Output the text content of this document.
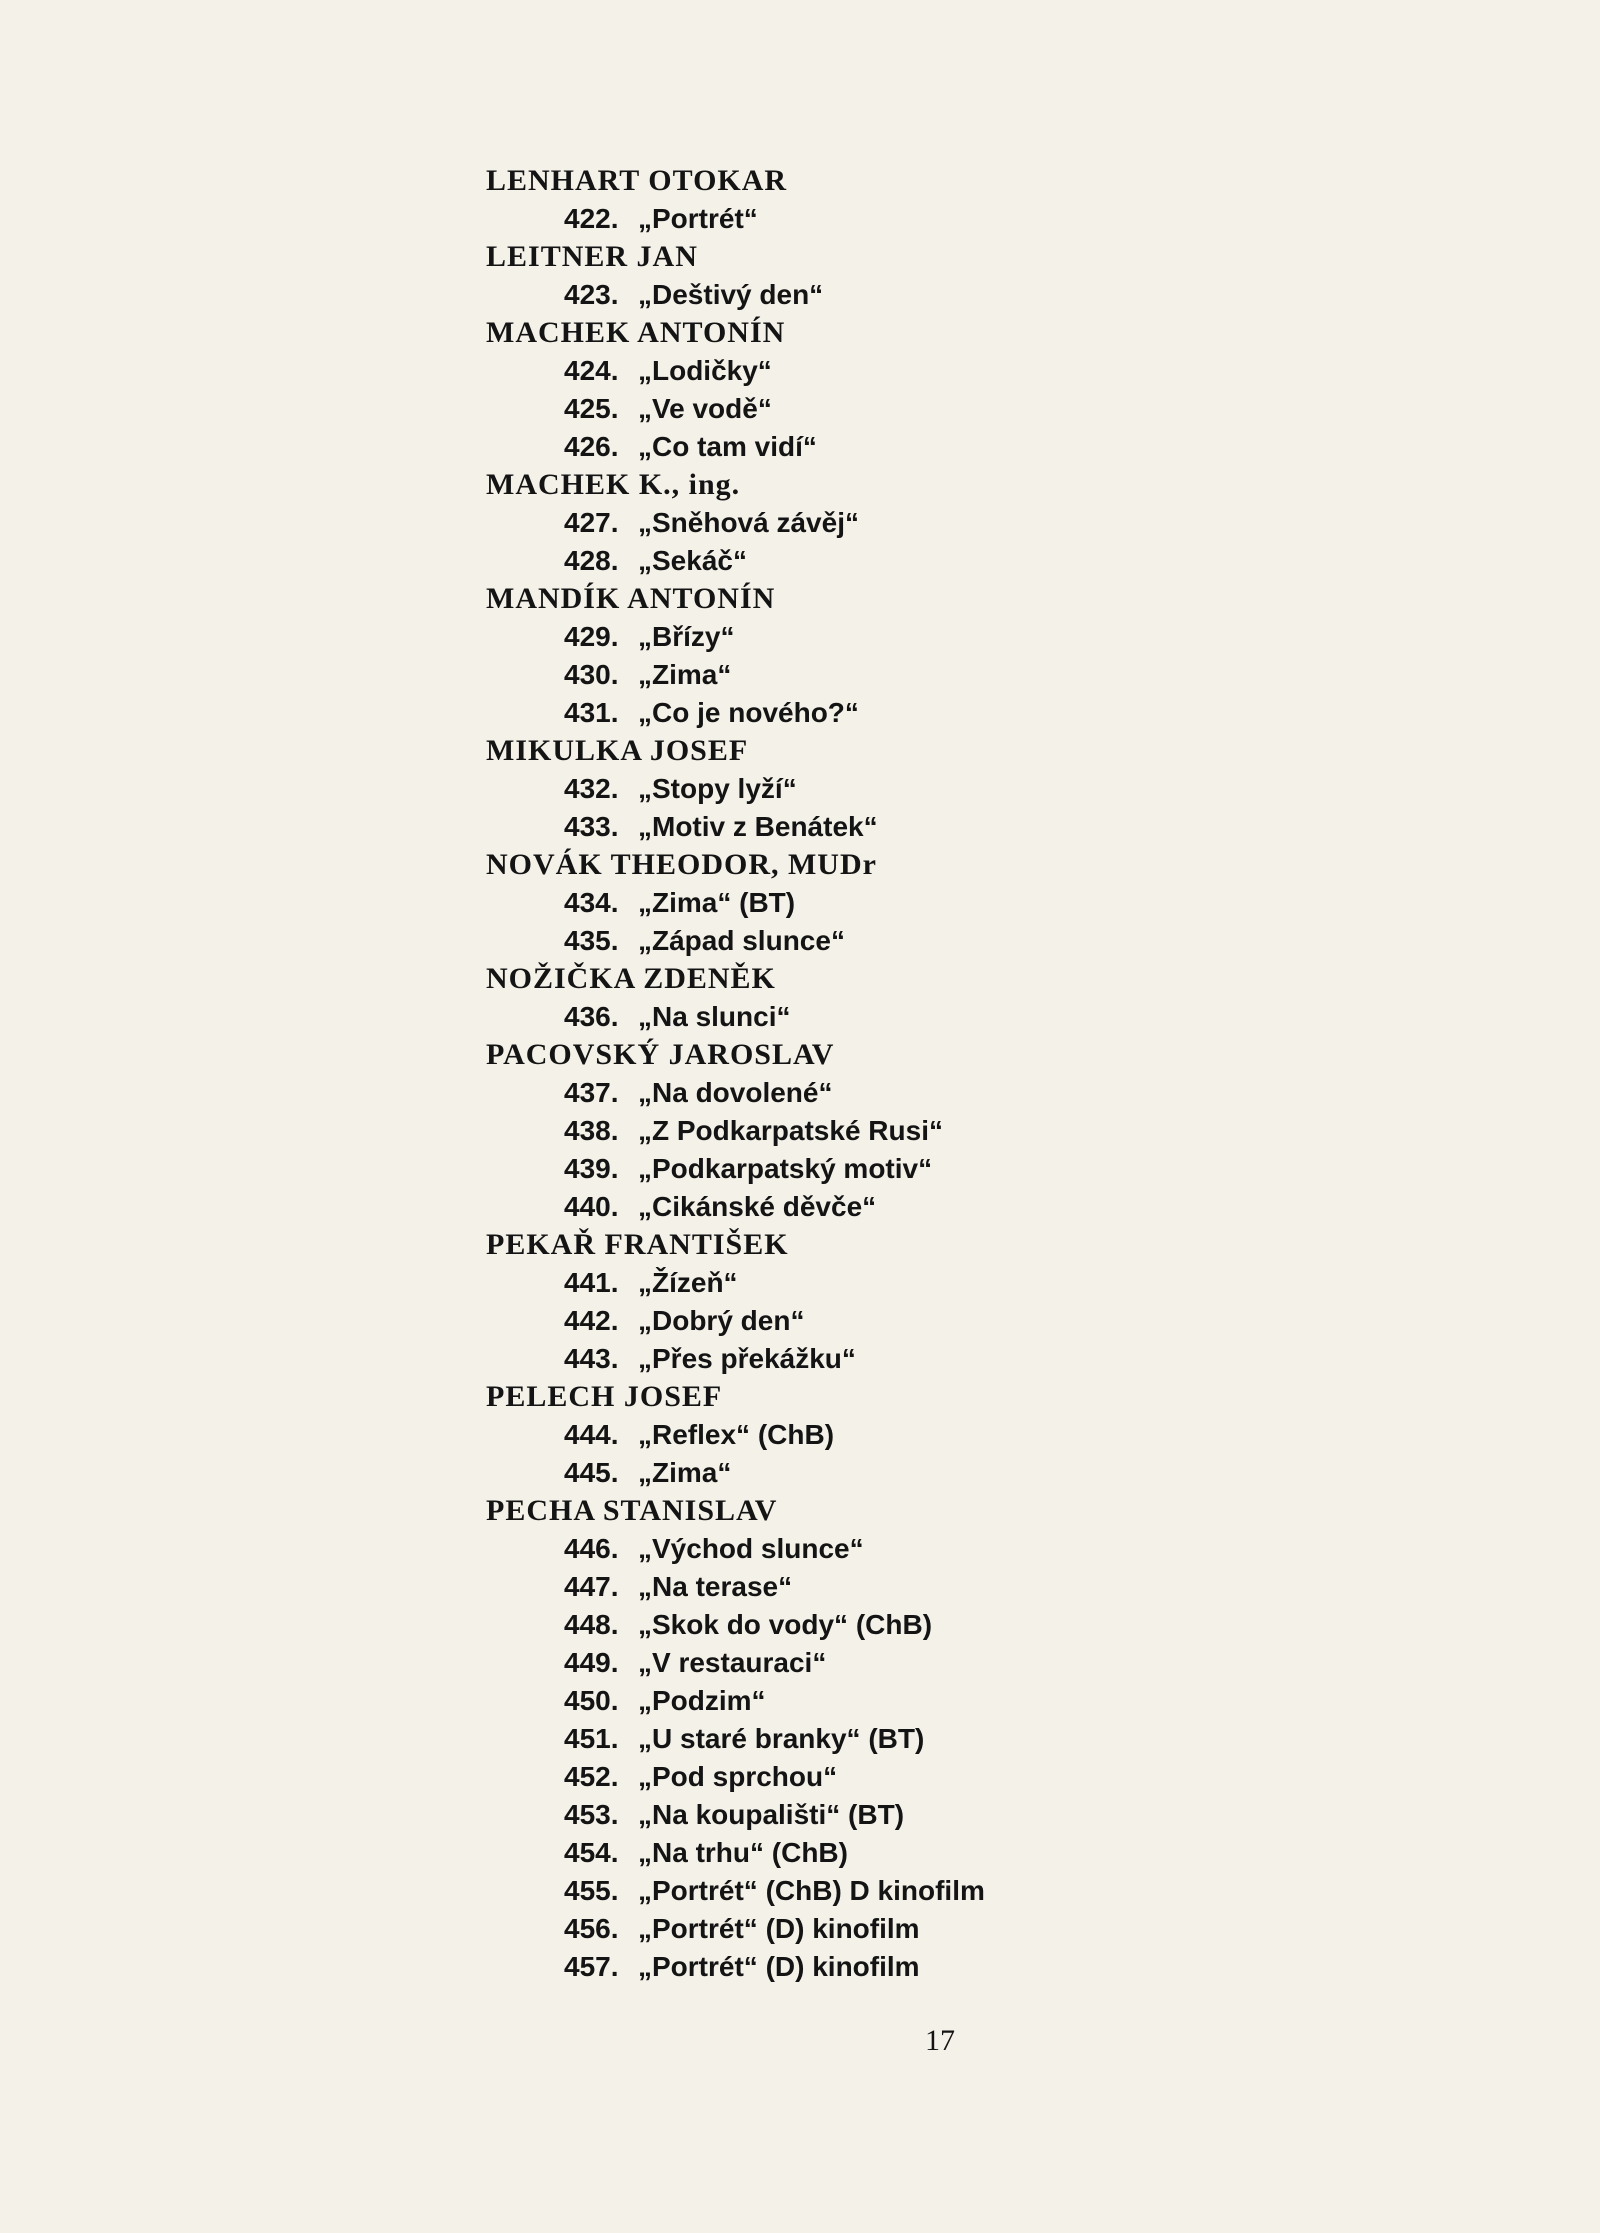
LENHART OTOKAR
422. „Portrét“
LEITNER JAN
423. „Deštivý den“
MACHEK ANTONÍN
424. „Lodičky“
425. „Ve vodě“
426. „Co tam vidí“
MACHEK K., ing.
427. „Sněhová závěj“
428. „Sekáč“
MANDÍK ANTONÍN
429. „Břízy“
430. „Zima“
431. „Co je nového?“
MIKULKA JOSEF
432. „Stopy lyží“
433. „Motiv z Benátek“
NOVÁK THEODOR, MUDr
434. „Zima“ (BT)
435. „Západ slunce“
NOŽIČKA ZDENĚK
436. „Na slunci“
PACOVSKÝ JAROSLAV
437. „Na dovolené“
438. „Z Podkarpatské Rusi“
439. „Podkarpatský motiv“
440. „Cikánské děvče“
PEKAŘ FRANTIŠEK
441. „Žízeň“
442. „Dobrý den“
443. „Přes překážku“
PELECH JOSEF
444. „Reflex“ (ChB)
445. „Zima“
PECHA STANISLAV
446. „Východ slunce“
447. „Na terase“
448. „Skok do vody“ (ChB)
449. „V restauraci“
450. „Podzim“
451. „U staré branky“ (BT)
452. „Pod sprchou“
453. „Na koupališti“ (BT)
454. „Na trhu“ (ChB)
455. „Portrét“ (ChB) D kinofilm
456. „Portrét“ (D) kinofilm
457. „Portrét“ (D) kinofilm
17
